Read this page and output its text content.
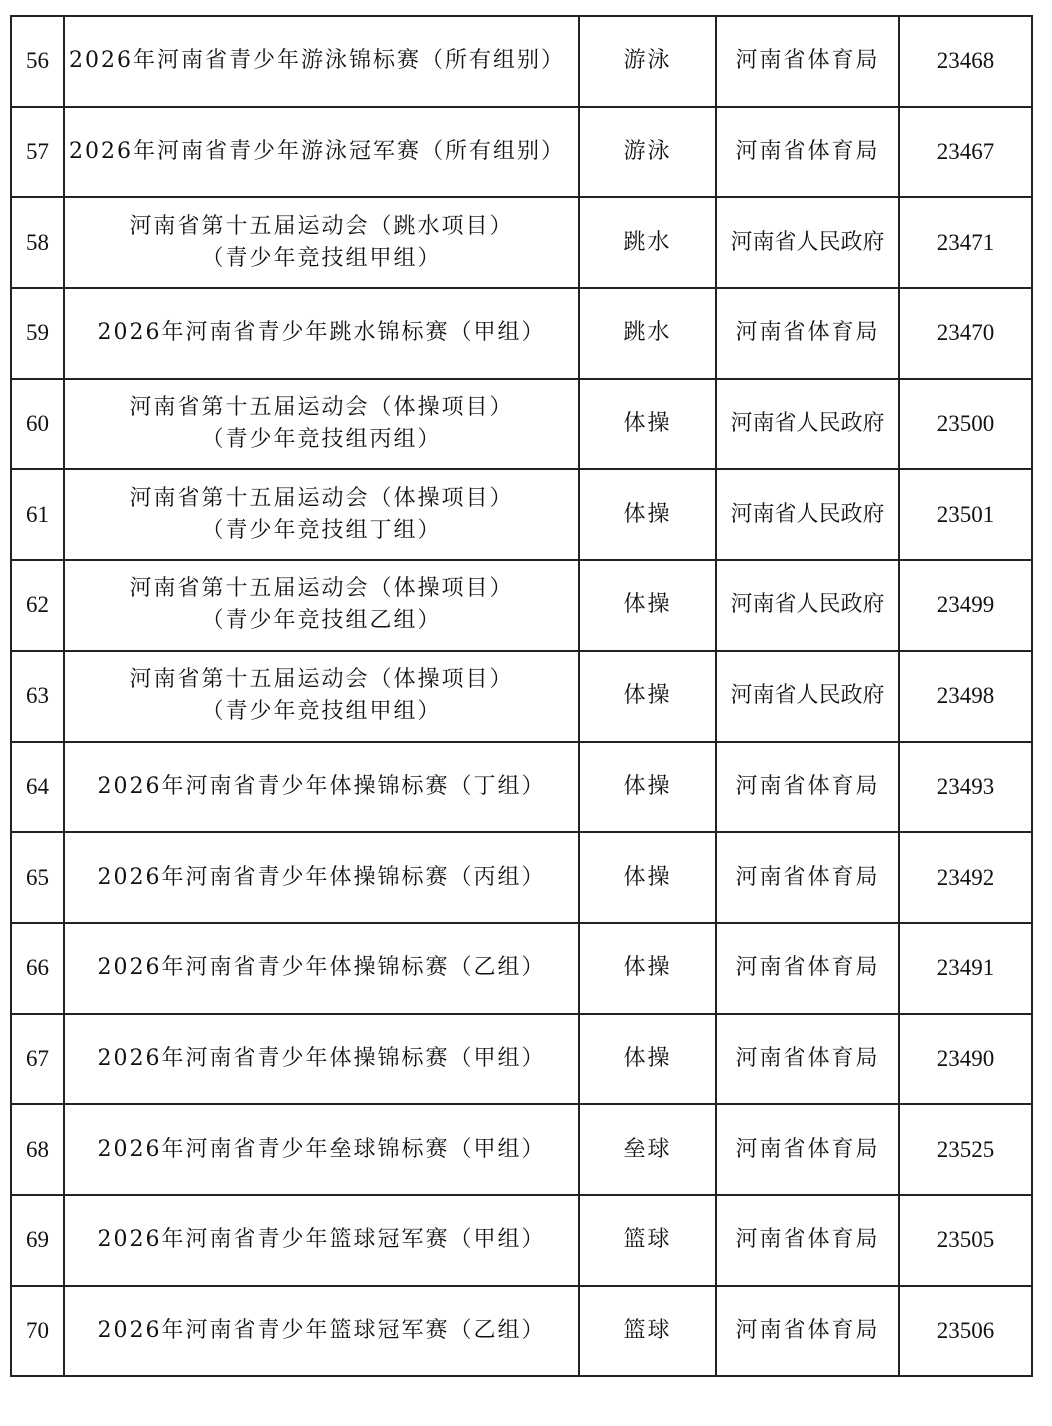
56	2026年河南省青少年游泳锦标赛（所有组别）	游泳	河南省体育局	23468
57	2026年河南省青少年游泳冠军赛（所有组别）	游泳	河南省体育局	23467
58	河南省第十五届运动会（跳水项目）
（青少年竞技组甲组）	跳水	河南省人民政府	23471
59	2026年河南省青少年跳水锦标赛（甲组）	跳水	河南省体育局	23470
60	河南省第十五届运动会（体操项目）
（青少年竞技组丙组）	体操	河南省人民政府	23500
61	河南省第十五届运动会（体操项目）
（青少年竞技组丁组）	体操	河南省人民政府	23501
62	河南省第十五届运动会（体操项目）
（青少年竞技组乙组）	体操	河南省人民政府	23499
63	河南省第十五届运动会（体操项目）
（青少年竞技组甲组）	体操	河南省人民政府	23498
64	2026年河南省青少年体操锦标赛（丁组）	体操	河南省体育局	23493
65	2026年河南省青少年体操锦标赛（丙组）	体操	河南省体育局	23492
66	2026年河南省青少年体操锦标赛（乙组）	体操	河南省体育局	23491
67	2026年河南省青少年体操锦标赛（甲组）	体操	河南省体育局	23490
68	2026年河南省青少年垒球锦标赛（甲组）	垒球	河南省体育局	23525
69	2026年河南省青少年篮球冠军赛（甲组）	篮球	河南省体育局	23505
70	2026年河南省青少年篮球冠军赛（乙组）	篮球	河南省体育局	23506
